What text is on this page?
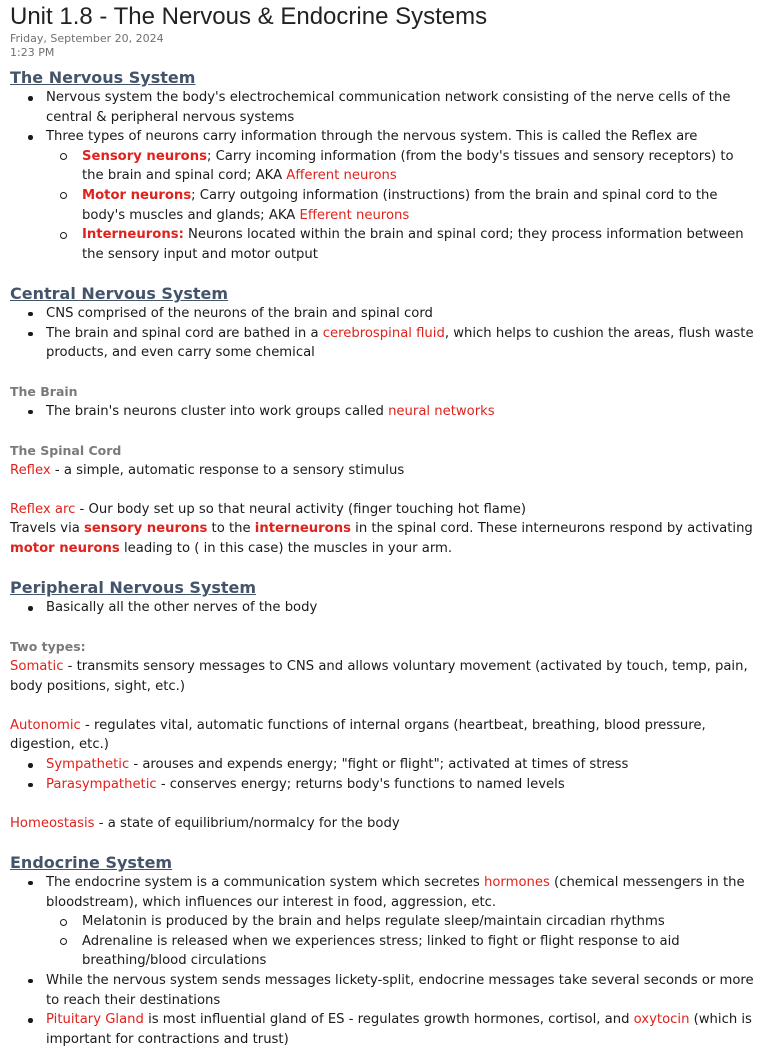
Unit 1.8 - The Nervous & Endocrine Systems
Friday, September 20, 2024
1:23 PM
The Nervous System
Nervous system the body's electrochemical communication network consisting of the nerve cells of the central & peripheral nervous systems
Three types of neurons carry information through the nervous system. This is called the Reflex are
Sensory neurons; Carry incoming information (from the body's tissues and sensory receptors) to the brain and spinal cord; AKA Afferent neurons
Motor neurons; Carry outgoing information (instructions) from the brain and spinal cord to the body's muscles and glands; AKA Efferent neurons
Interneurons: Neurons located within the brain and spinal cord; they process information between the sensory input and motor output
Central Nervous System
CNS comprised of the neurons of the brain and spinal cord
The brain and spinal cord are bathed in a cerebrospinal fluid, which helps to cushion the areas, flush waste products, and even carry some chemical
The Brain
The brain's neurons cluster into work groups called neural networks
The Spinal Cord
Reflex - a simple, automatic response to a sensory stimulus
Reflex arc - Our body set up so that neural activity (finger touching hot flame)
Travels via sensory neurons to the interneurons in the spinal cord. These interneurons respond by activating motor neurons leading to ( in this case) the muscles in your arm.
Peripheral Nervous System
Basically all the other nerves of the body
Two types:
Somatic - transmits sensory messages to CNS and allows voluntary movement (activated by touch, temp, pain, body positions, sight, etc.)
Autonomic - regulates vital, automatic functions of internal organs (heartbeat, breathing, blood pressure, digestion, etc.)
Sympathetic - arouses and expends energy; "fight or flight"; activated at times of stress
Parasympathetic - conserves energy; returns body's functions to named levels
Homeostasis - a state of equilibrium/normalcy for the body
Endocrine System
The endocrine system is a communication system which secretes hormones (chemical messengers in the bloodstream), which influences our interest in food, aggression, etc.
Melatonin is produced by the brain and helps regulate sleep/maintain circadian rhythms
Adrenaline is released when we experiences stress; linked to fight or flight response to aid breathing/blood circulations
While the nervous system sends messages lickety-split, endocrine messages take several seconds or more to reach their destinations
Pituitary Gland is most influential gland of ES - regulates growth hormones, cortisol, and oxytocin (which is important for contractions and trust)
